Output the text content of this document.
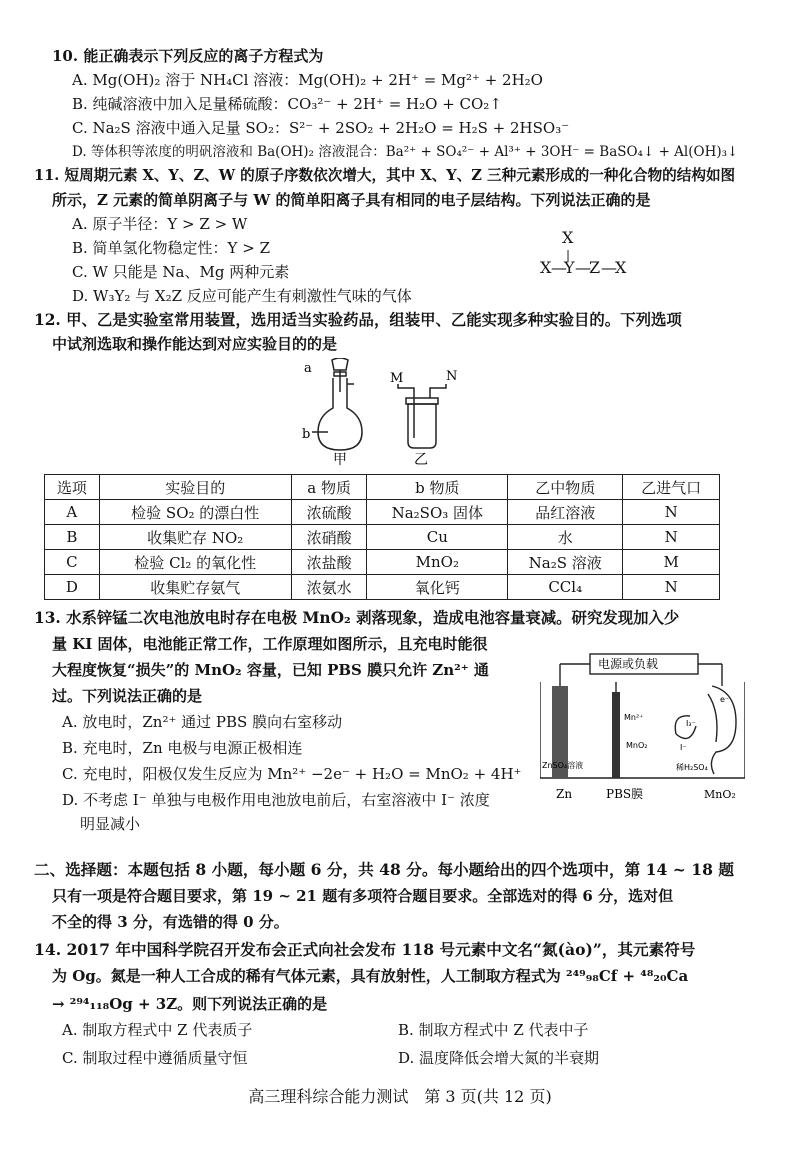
10. 能正确表示下列反应的离子方程式为
A. Mg(OH)₂ 溶于 NH₄Cl 溶液：Mg(OH)₂ + 2H⁺ = Mg²⁺ + 2H₂O
B. 纯碱溶液中加入足量稀硫酸：CO₃²⁻ + 2H⁺ = H₂O + CO₂↑
C. Na₂S 溶液中通入足量 SO₂：S²⁻ + 2SO₂ + 2H₂O = H₂S + 2HSO₃⁻
D. 等体积等浓度的明矾溶液和 Ba(OH)₂ 溶液混合：Ba²⁺ + SO₄²⁻ + Al³⁺ + 3OH⁻ = BaSO₄↓ + Al(OH)₃↓
11. 短周期元素 X、Y、Z、W 的原子序数依次增大，其中 X、Y、Z 三种元素形成的一种化合物的结构如图
所示，Z 元素的简单阴离子与 W 的简单阳离子具有相同的电子层结构。下列说法正确的是
A. 原子半径：Y > Z > W
B. 简单氢化物稳定性：Y > Z
C. W 只能是 Na、Mg 两种元素
D. W₃Y₂ 与 X₂Z 反应可能产生有刺激性气味的气体
X
|
X —
Y —
Z —
X
12. 甲、乙是实验室常用装置，选用适当实验药品，组装甲、乙能实现多种实验目的。下列选项
中试剂选取和操作能达到对应实验目的的是
a
b
甲	乙
M	N
选项	实验目的	a 物质	b 物质	乙中物质	乙进气口
A	检验 SO₂ 的漂白性	浓硫酸	Na₂SO₃ 固体	品红溶液	N
B	收集贮存 NO₂	浓硝酸	Cu	水	N
C	检验 Cl₂ 的氧化性	浓盐酸	MnO₂	Na₂S 溶液	M
D	收集贮存氨气	浓氨水	氧化钙	CCl₄	N
13. 水系锌锰二次电池放电时存在电极 MnO₂ 剥落现象，造成电池容量衰减。研究发现加入少
量 KI 固体，电池能正常工作，工作原理如图所示，且充电时能很
大程度恢复“损失”的 MnO₂ 容量，已知 PBS 膜只允许 Zn²⁺ 通
过。下列说法正确的是
A. 放电时，Zn²⁺ 通过 PBS 膜向右室移动
B. 充电时，Zn 电极与电源正极相连
C. 充电时，阳极仅发生反应为 Mn²⁺ −2e⁻ + H₂O = MnO₂ + 4H⁺
D. 不考虑 I⁻ 单独与电极作用电池放电前后，右室溶液中 I⁻ 浓度
明显减小
电源或负载
Zn	PBS膜	MnO₂
ZnSO₄溶液	稀H₂SO₄
Mn²⁺
MnO₂
I₃⁻
I⁻
e⁻
二、选择题：本题包括 8 小题，每小题 6 分，共 48 分。每小题给出的四个选项中，第 14 ~ 18 题
只有一项是符合题目要求，第 19 ~ 21 题有多项符合题目要求。全部选对的得 6 分，选对但
不全的得 3 分，有选错的得 0 分。
14. 2017 年中国科学院召开发布会正式向社会发布 118 号元素中文名“氮(ào)”，其元素符号
为 Og。氮是一种人工合成的稀有气体元素，具有放射性，人工制取方程式为 ²⁴⁹₉₈Cf + ⁴⁸₂₀Ca
→ ²⁹⁴₁₁₈Og + 3Z。则下列说法正确的是
A. 制取方程式中 Z 代表质子	B. 制取方程式中 Z 代表中子
C. 制取过程中遵循质量守恒	D. 温度降低会增大氮的半衰期
高三理科综合能力测试　第 3 页(共 12 页)
